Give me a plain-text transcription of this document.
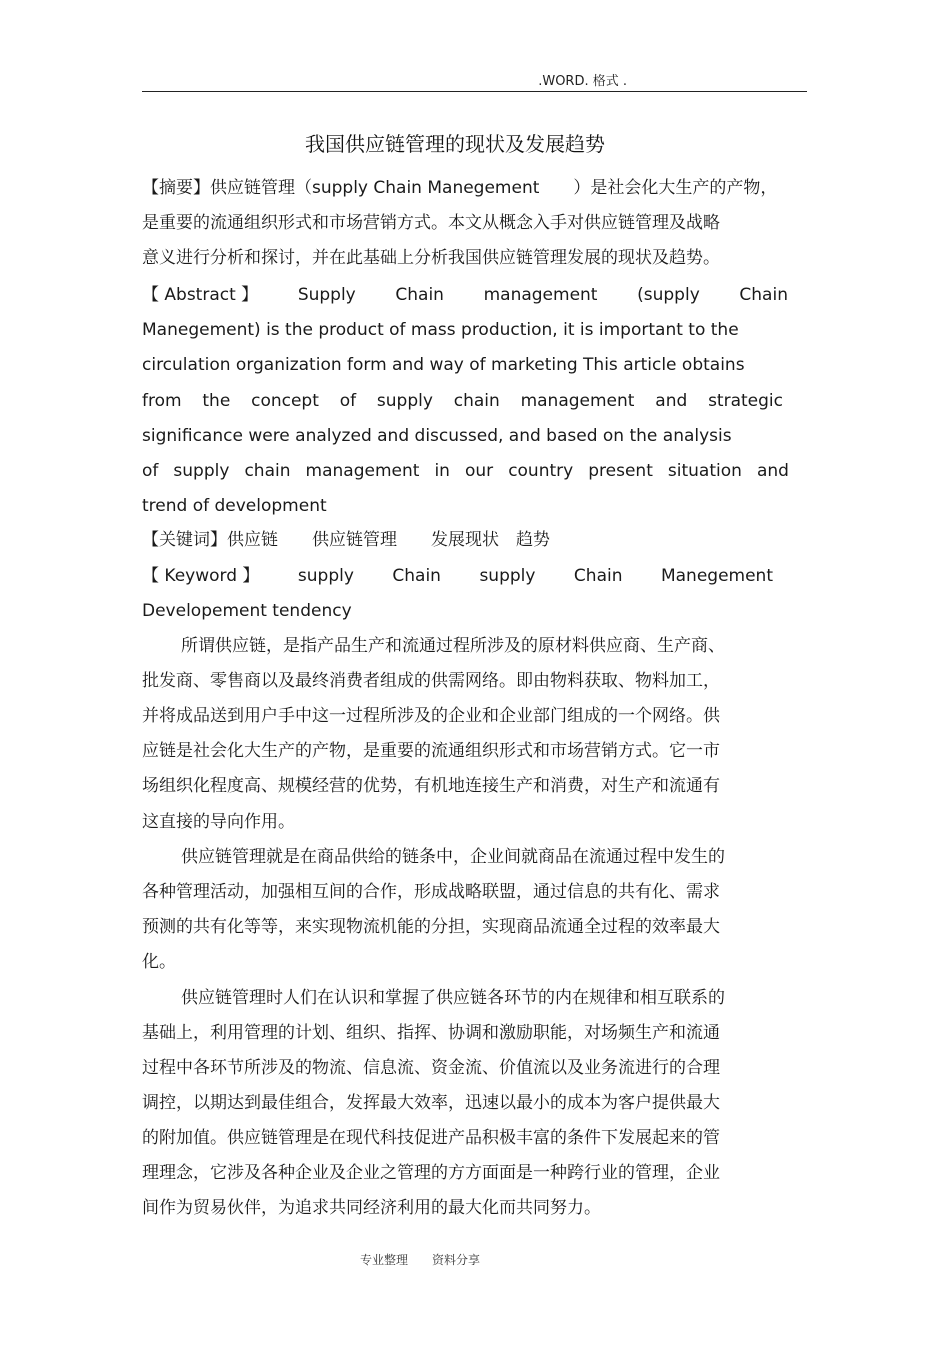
.WORD. 格式 .
我国供应链管理的现状及发展趋势
【摘要】供应链管理（supply Chain Manegement　　）是社会化大生产的产物，
是重要的流通组织形式和市场营销方式。本文从概念入手对供应链管理及战略
意义进行分析和探讨，并在此基础上分析我国供应链管理发展的现状及趋势。
【 Abstract 】 Supply Chain management (supply Chain
Manegement) is the product of mass production, it is important to the
circulation organization form and way of marketing This article obtains
from the concept of supply chain management and strategic
significance were analyzed and discussed, and based on the analysis
of supply chain management in our country present situation and
trend of development
【关键词】供应链　　供应链管理　　发展现状　趋势
【 Keyword 】 supply Chain supply Chain Manegement
Developement tendency
所谓供应链，是指产品生产和流通过程所涉及的原材料供应商、生产商、
批发商、零售商以及最终消费者组成的供需网络。即由物料获取、物料加工，
并将成品送到用户手中这一过程所涉及的企业和企业部门组成的一个网络。供
应链是社会化大生产的产物，是重要的流通组织形式和市场营销方式。它一市
场组织化程度高、规模经营的优势，有机地连接生产和消费，对生产和流通有
这直接的导向作用。
供应链管理就是在商品供给的链条中，企业间就商品在流通过程中发生的
各种管理活动，加强相互间的合作，形成战略联盟，通过信息的共有化、需求
预测的共有化等等，来实现物流机能的分担，实现商品流通全过程的效率最大
化。
供应链管理时人们在认识和掌握了供应链各环节的内在规律和相互联系的
基础上，利用管理的计划、组织、指挥、协调和激励职能，对场频生产和流通
过程中各环节所涉及的物流、信息流、资金流、价值流以及业务流进行的合理
调控，以期达到最佳组合，发挥最大效率，迅速以最小的成本为客户提供最大
的附加值。供应链管理是在现代科技促进产品积极丰富的条件下发展起来的管
理理念，它涉及各种企业及企业之管理的方方面面是一种跨行业的管理，企业
间作为贸易伙伴，为追求共同经济利用的最大化而共同努力。
专业整理　　资料分享
